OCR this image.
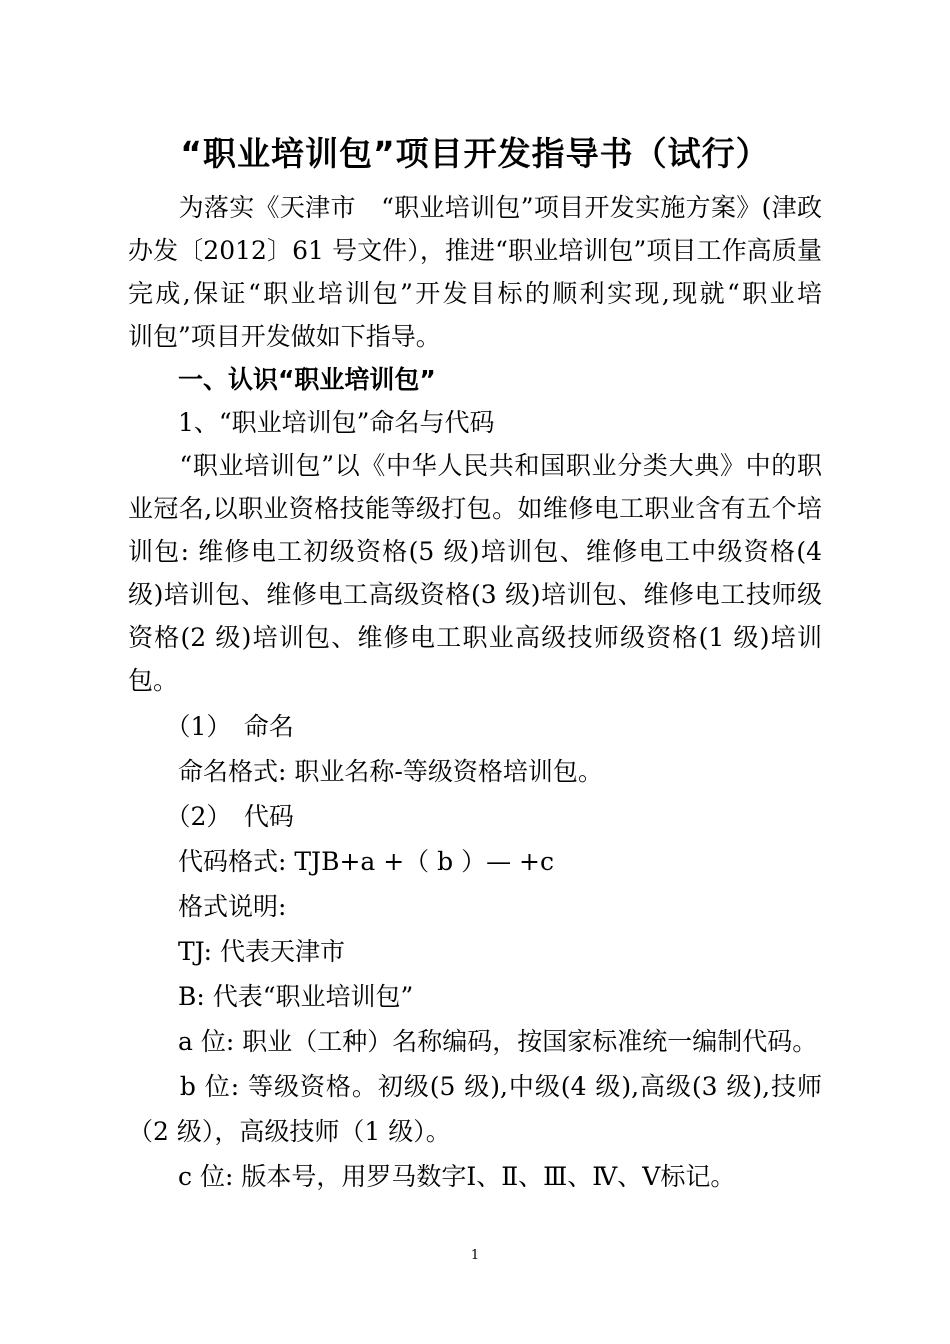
“职业培训包”项目开发指导书（试行）
　　为落实《天津市　“职业培训包”项目开发实施方案》(津政
办发〔2012〕61 号文件），推进“职业培训包”项目工作高质量
完成,保证“职业培训包”开发目标的顺利实现,现就“职业培
训包”项目开发做如下指导。
　　一、认识“职业培训包”
　　1、“职业培训包”命名与代码
　　“职业培训包”以《中华人民共和国职业分类大典》中的职
业冠名,以职业资格技能等级打包。如维修电工职业含有五个培
训包: 维修电工初级资格(5 级)培训包、维修电工中级资格(4
级)培训包、维修电工高级资格(3 级)培训包、维修电工技师级
资格(2 级)培训包、维修电工职业高级技师级资格(1 级)培训
包。
　　（1）　命名
　　命名格式: 职业名称-等级资格培训包。
　　（2）　代码
　　代码格式: TJB+a +（ b ）— +c
　　格式说明:
　　TJ: 代表天津市
　　B: 代表“职业培训包”
　　a 位: 职业（工种）名称编码，按国家标准统一编制代码。
　　b 位: 等级资格。初级(5 级),中级(4 级),高级(3 级),技师
（2 级），高级技师（1 级）。
　　c 位: 版本号，用罗马数字Ⅰ、Ⅱ、Ⅲ、Ⅳ、Ⅴ标记。
1
